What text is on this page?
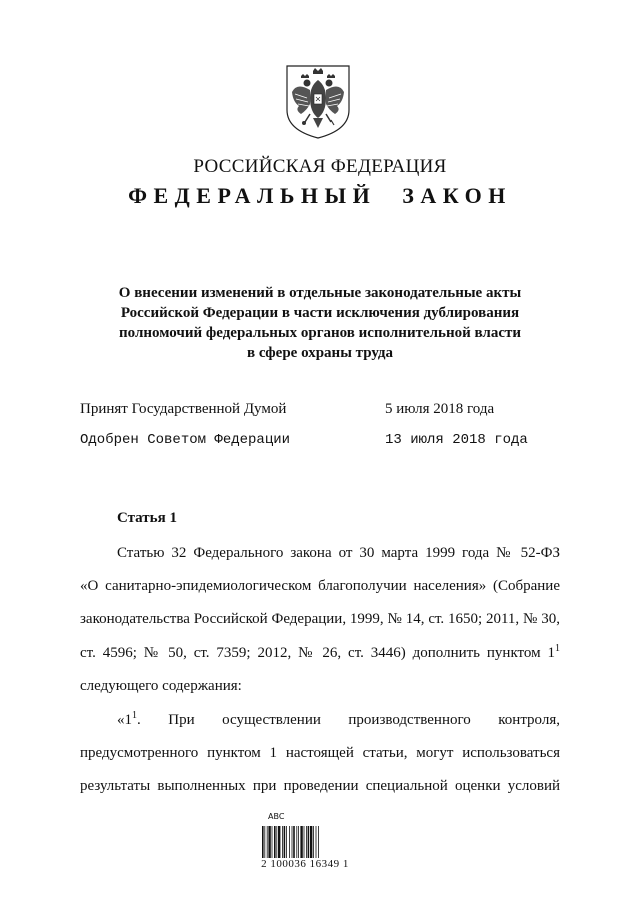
РОССИЙСКАЯ ФЕДЕРАЦИЯ
ФЕДЕРАЛЬНЫЙ ЗАКОН
О внесении изменений в отдельные законодательные акты
Российской Федерации в части исключения дублирования
полномочий федеральных органов исполнительной власти
в сфере охраны труда
Принят Государственной Думой	5 июля 2018 года
Одобрен Советом Федерации	13 июля 2018 года
Статья 1
Статью 32 Федерального закона от 30 марта 1999 года № 52-ФЗ
«О санитарно-эпидемиологическом благополучии населения» (Собрание
законодательства Российской Федерации, 1999, № 14, ст. 1650; 2011, № 30,
ст. 4596; № 50, ст. 7359; 2012, № 26, ст. 3446) дополнить пунктом $1^1$
следующего содержания:
«$1^1$. При осуществлении производственного контроля,
предусмотренного пунктом 1 настоящей статьи, могут использоваться
результаты выполненных при проведении специальной оценки условий
ABC
2 100036 16349 1
